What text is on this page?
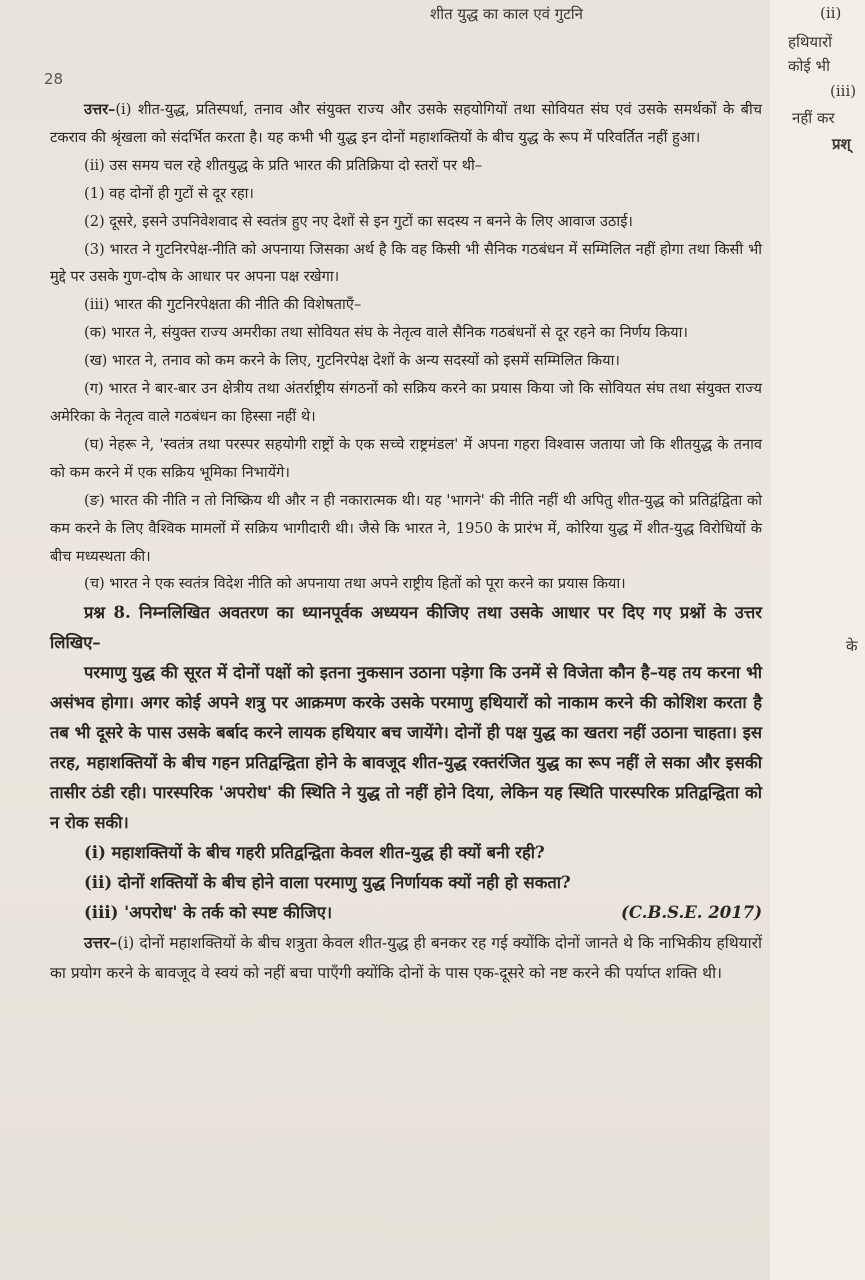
शीत युद्ध का काल एवं गुटनि
28

उत्तर–(i) शीत-युद्ध, प्रतिस्पर्धा, तनाव और संयुक्त राज्य और उसके सहयोगियों तथा सोवियत संघ एवं उसके समर्थकों के बीच टकराव की श्रृंखला को संदर्भित करता है। यह कभी भी युद्ध इन दोनों महाशक्तियों के बीच युद्ध के रूप में परिवर्तित नहीं हुआ।

(ii) उस समय चल रहे शीतयुद्ध के प्रति भारत की प्रतिक्रिया दो स्तरों पर थी–

(1) वह दोनों ही गुटों से दूर रहा।

(2) दूसरे, इसने उपनिवेशवाद से स्वतंत्र हुए नए देशों से इन गुटों का सदस्य न बनने के लिए आवाज उठाई।

(3) भारत ने गुटनिरपेक्ष-नीति को अपनाया जिसका अर्थ है कि वह किसी भी सैनिक गठबंधन में सम्मिलित नहीं होगा तथा किसी भी मुद्दे पर उसके गुण-दोष के आधार पर अपना पक्ष रखेगा।

(iii) भारत की गुटनिरपेक्षता की नीति की विशेषताएँ–

(क) भारत ने, संयुक्त राज्य अमरीका तथा सोवियत संघ के नेतृत्व वाले सैनिक गठबंधनों से दूर रहने का निर्णय किया।

(ख) भारत ने, तनाव को कम करने के लिए, गुटनिरपेक्ष देशों के अन्य सदस्यों को इसमें सम्मिलित किया।

(ग) भारत ने बार-बार उन क्षेत्रीय तथा अंतर्राष्ट्रीय संगठनों को सक्रिय करने का प्रयास किया जो कि सोवियत संघ तथा संयुक्त राज्य अमेरिका के नेतृत्व वाले गठबंधन का हिस्सा नहीं थे।

(घ) नेहरू ने, 'स्वतंत्र तथा परस्पर सहयोगी राष्ट्रों के एक सच्चे राष्ट्रमंडल' में अपना गहरा विश्वास जताया जो कि शीतयुद्ध के तनाव को कम करने में एक सक्रिय भूमिका निभायेंगे।

(ङ) भारत की नीति न तो निष्क्रिय थी और न ही नकारात्मक थी। यह 'भागने' की नीति नहीं थी अपितु शीत-युद्ध को प्रतिद्वंद्विता को कम करने के लिए वैश्विक मामलों में सक्रिय भागीदारी थी। जैसे कि भारत ने, 1950 के प्रारंभ में, कोरिया युद्ध में शीत-युद्ध विरोधियों के बीच मध्यस्थता की।

(च) भारत ने एक स्वतंत्र विदेश नीति को अपनाया तथा अपने राष्ट्रीय हितों को पूरा करने का प्रयास किया।

प्रश्न 8. निम्नलिखित अवतरण का ध्यानपूर्वक अध्ययन कीजिए तथा उसके आधार पर दिए गए प्रश्नों के उत्तर लिखिए–

परमाणु युद्ध की सूरत में दोनों पक्षों को इतना नुकसान उठाना पड़ेगा कि उनमें से विजेता कौन है–यह तय करना भी असंभव होगा। अगर कोई अपने शत्रु पर आक्रमण करके उसके परमाणु हथियारों को नाकाम करने की कोशिश करता है तब भी दूसरे के पास उसके बर्बाद करने लायक हथियार बच जायेंगे। दोनों ही पक्ष युद्ध का खतरा नहीं उठाना चाहता। इस तरह, महाशक्तियों के बीच गहन प्रतिद्वन्द्विता होने के बावजूद शीत-युद्ध रक्तरंजित युद्ध का रूप नहीं ले सका और इसकी तासीर ठंडी रही। पारस्परिक 'अपरोध' की स्थिति ने युद्ध तो नहीं होने दिया, लेकिन यह स्थिति पारस्परिक प्रतिद्वन्द्विता को न रोक सकी।

(i) महाशक्तियों के बीच गहरी प्रतिद्वन्द्विता केवल शीत-युद्ध ही क्यों बनी रही?

(ii) दोनों शक्तियों के बीच होने वाला परमाणु युद्ध निर्णायक क्यों नही हो सकता?

(iii) 'अपरोध' के तर्क को स्पष्ट कीजिए।	(C.B.S.E. 2017)

उत्तर–(i) दोनों महाशक्तियों के बीच शत्रुता केवल शीत-युद्ध ही बनकर रह गई क्योंकि दोनों जानते थे कि नाभिकीय हथियारों का प्रयोग करने के बावजूद वे स्वयं को नहीं बचा पाएँगी क्योंकि दोनों के पास एक-दूसरे को नष्ट करने की पर्याप्त शक्ति थी।

(ii)
हथियारों
कोई भी
(iii)
नहीं कर
प्रश्
के
